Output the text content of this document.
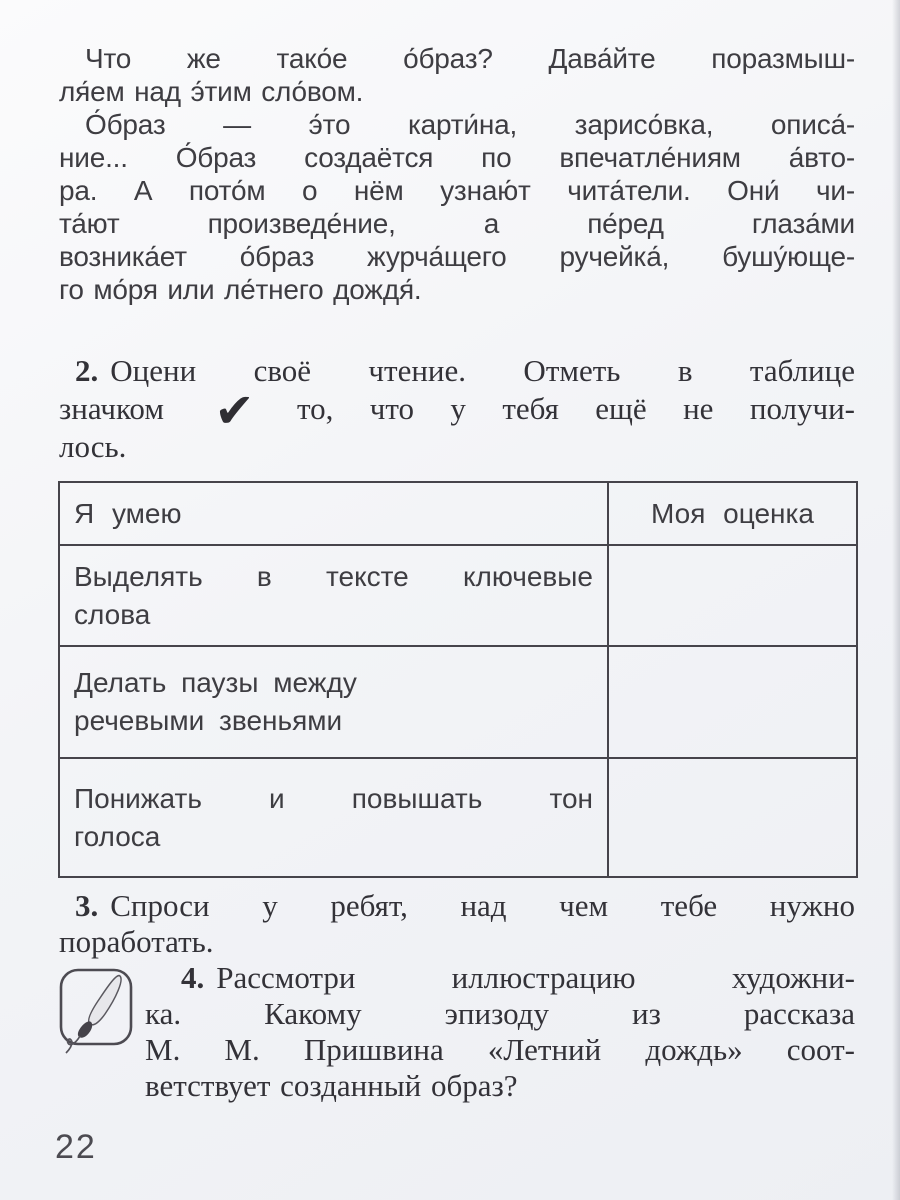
Что же тако́е о́браз? Дава́йте поразмыш-
ля́ем над э́тим сло́вом.
О́браз — э́то карти́на, зарисо́вка, описа́-
ние... О́браз создаётся по впечатле́ниям а́вто-
ра. А пото́м о нём узнаю́т чита́тели. Они́ чи-
та́ют произведе́ние, а пе́ред глаза́ми
возника́ет о́браз журча́щего ручейка́, бушу́юще-
го мо́ря или ле́тнего дождя́.
2. Оцени своё чтение. Отметь в таблице
значком ✔ то, что у тебя ещё не получи-
лось.
Я умею	Моя оценка

Выделять в тексте ключевые
слова	

Делать паузы между
речевыми звеньями	

Понижать и повышать тон
голоса	

3. Спроси у ребят, над чем тебе нужно
поработать.
4. Рассмотри иллюстрацию художни-
ка. Какому эпизоду из рассказа
М. М. Пришвина «Летний дождь» соот-
ветствует созданный образ?
22
